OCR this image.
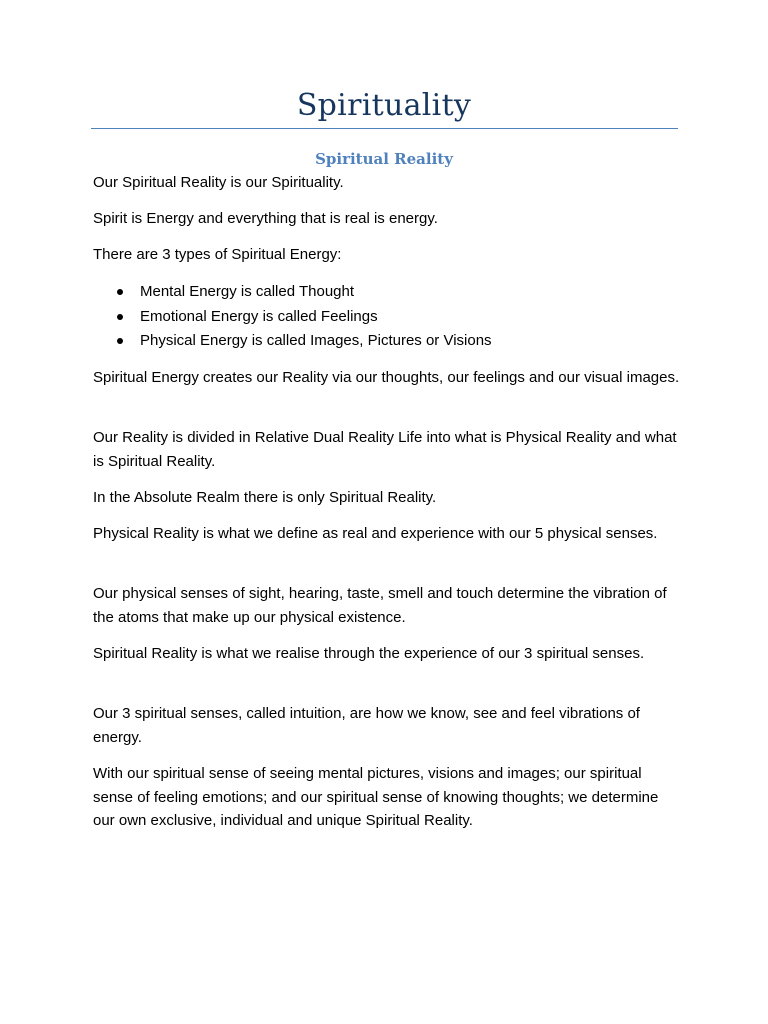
Spirituality
Spiritual Reality

Our Spiritual Reality is our Spirituality.

Spirit is Energy and everything that is real is energy.

There are 3 types of Spiritual Energy:

Mental Energy is called Thought
Emotional Energy is called Feelings
Physical Energy is called Images, Pictures or Visions

Spiritual Energy creates our Reality via our thoughts, our feelings and our visual images.

Our Reality is divided in Relative Dual Reality Life into what is Physical Reality and what is Spiritual Reality.

In the Absolute Realm there is only Spiritual Reality.

Physical Reality is what we define as real and experience with our 5 physical senses.

Our physical senses of sight, hearing, taste, smell and touch determine the vibration of the atoms that make up our physical existence.

Spiritual Reality is what we realise through the experience of our 3 spiritual senses.

Our 3 spiritual senses, called intuition, are how we know, see and feel vibrations of energy.

With our spiritual sense of seeing mental pictures, visions and images; our spiritual sense of feeling emotions; and our spiritual sense of knowing thoughts; we determine our own exclusive, individual and unique Spiritual Reality.
